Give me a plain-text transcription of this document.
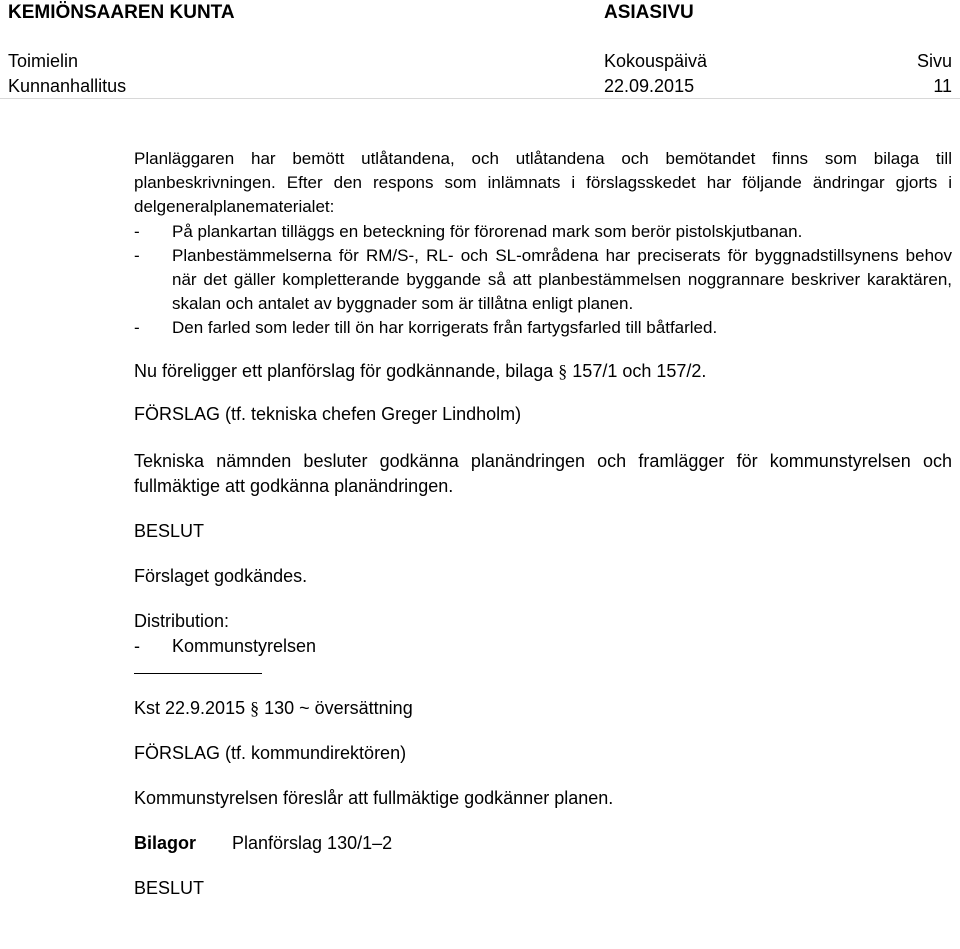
KEMIÖNSAAREN KUNTA	ASIASIVU
Toimielin	Kokouspäivä	Sivu
Kunnanhallitus	22.09.2015	11

Planläggaren har bemött utlåtandena, och utlåtandena och bemötandet finns som bilaga till planbeskrivningen. Efter den respons som inlämnats i förslagsskedet har följande ändringar gjorts i delgeneralplanematerialet:

- På plankartan tilläggs en beteckning för förorenad mark som berör pistolskjutbanan.
- Planbestämmelserna för RM/S-, RL- och SL-områdena har preciserats för byggnadstillsynens behov när det gäller kompletterande byggande så att planbestämmelsen noggrannare beskriver karaktären, skalan och antalet av byggnader som är tillåtna enligt planen.
- Den farled som leder till ön har korrigerats från fartygsfarled till båtfarled.

Nu föreligger ett planförslag för godkännande, bilaga § 157/1 och 157/2.

FÖRSLAG (tf. tekniska chefen Greger Lindholm)

Tekniska nämnden besluter godkänna planändringen och framlägger för kommunstyrelsen och fullmäktige att godkänna planändringen.

BESLUT

Förslaget godkändes.

Distribution:

- Kommunstyrelsen

Kst 22.9.2015 § 130 ~ översättning

FÖRSLAG (tf. kommundirektören)

Kommunstyrelsen föreslår att fullmäktige godkänner planen.

Bilagor Planförslag 130/1–2

BESLUT
